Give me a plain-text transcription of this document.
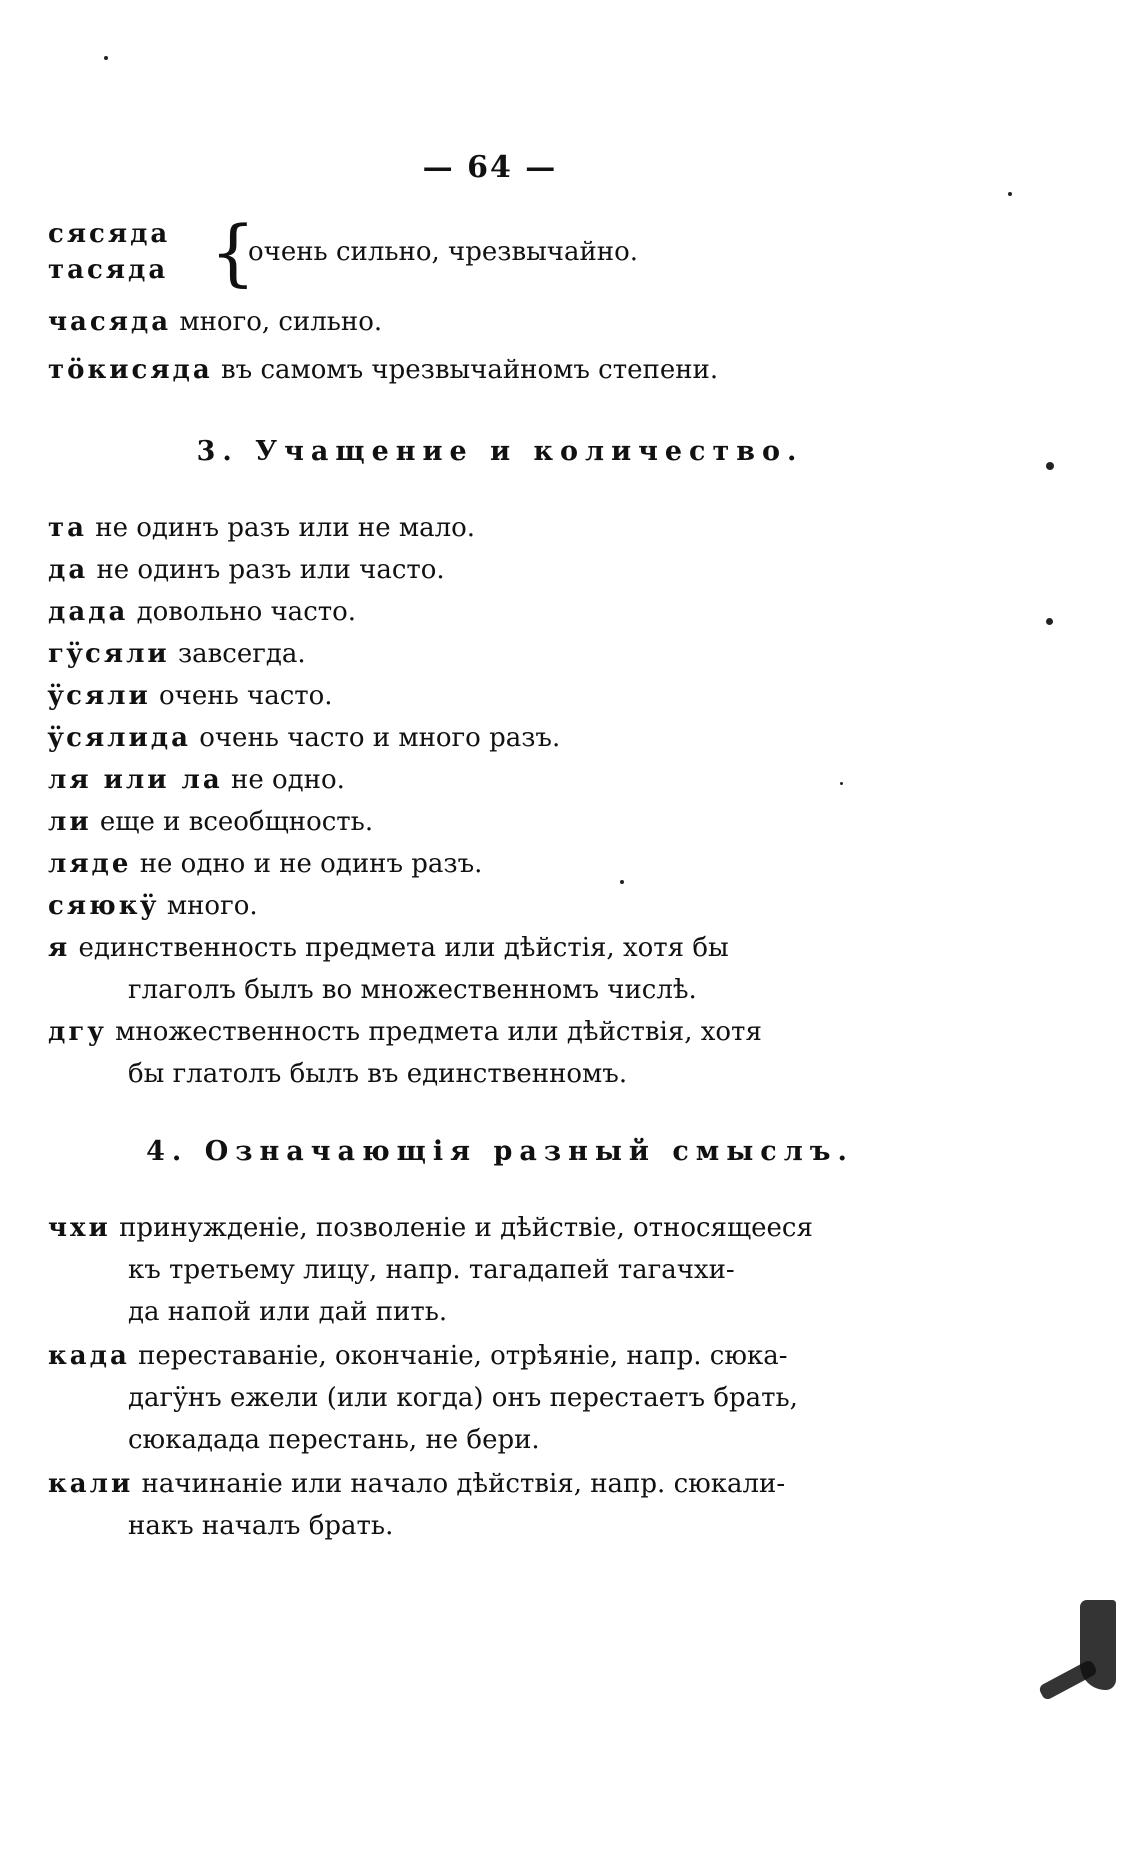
— 64 —
сясяда
тасяда {
очень сильно, чрезвычайно.
часяда много, сильно.
тöкисяда въ самомъ чрезвычайномъ степени.
3. Учащение и количество.
та не одинъ разъ или не мало.
да не одинъ разъ или часто.
дада довольно часто.
гÿсяли завсегда.
ÿсяли очень часто.
ÿсялида очень часто и много разъ.
ля или ла не одно.
ли еще и всеобщность.
ляде не одно и не одинъ разъ.
сяюкÿ много.
я единственность предмета или дѣйстія, хотя бы
глаголъ былъ во множественномъ числѣ.
дгу множественность предмета или дѣйствія, хотя
бы глатолъ былъ въ единственномъ.
4. Означающія разный смыслъ.
чхи принужденіе, позволеніе и дѣйствіе, относящееся
къ третьему лицу, напр. тагадапей тагачхи-
да напой или дай пить.
када переставаніе, окончаніе, отрѣяніе, напр. сюка-
дагÿнъ ежели (или когда) онъ перестаетъ брать,
сюкадада перестань, не бери.
кали начинаніе или начало дѣйствія, напр. сюкали-
накъ началъ брать.
